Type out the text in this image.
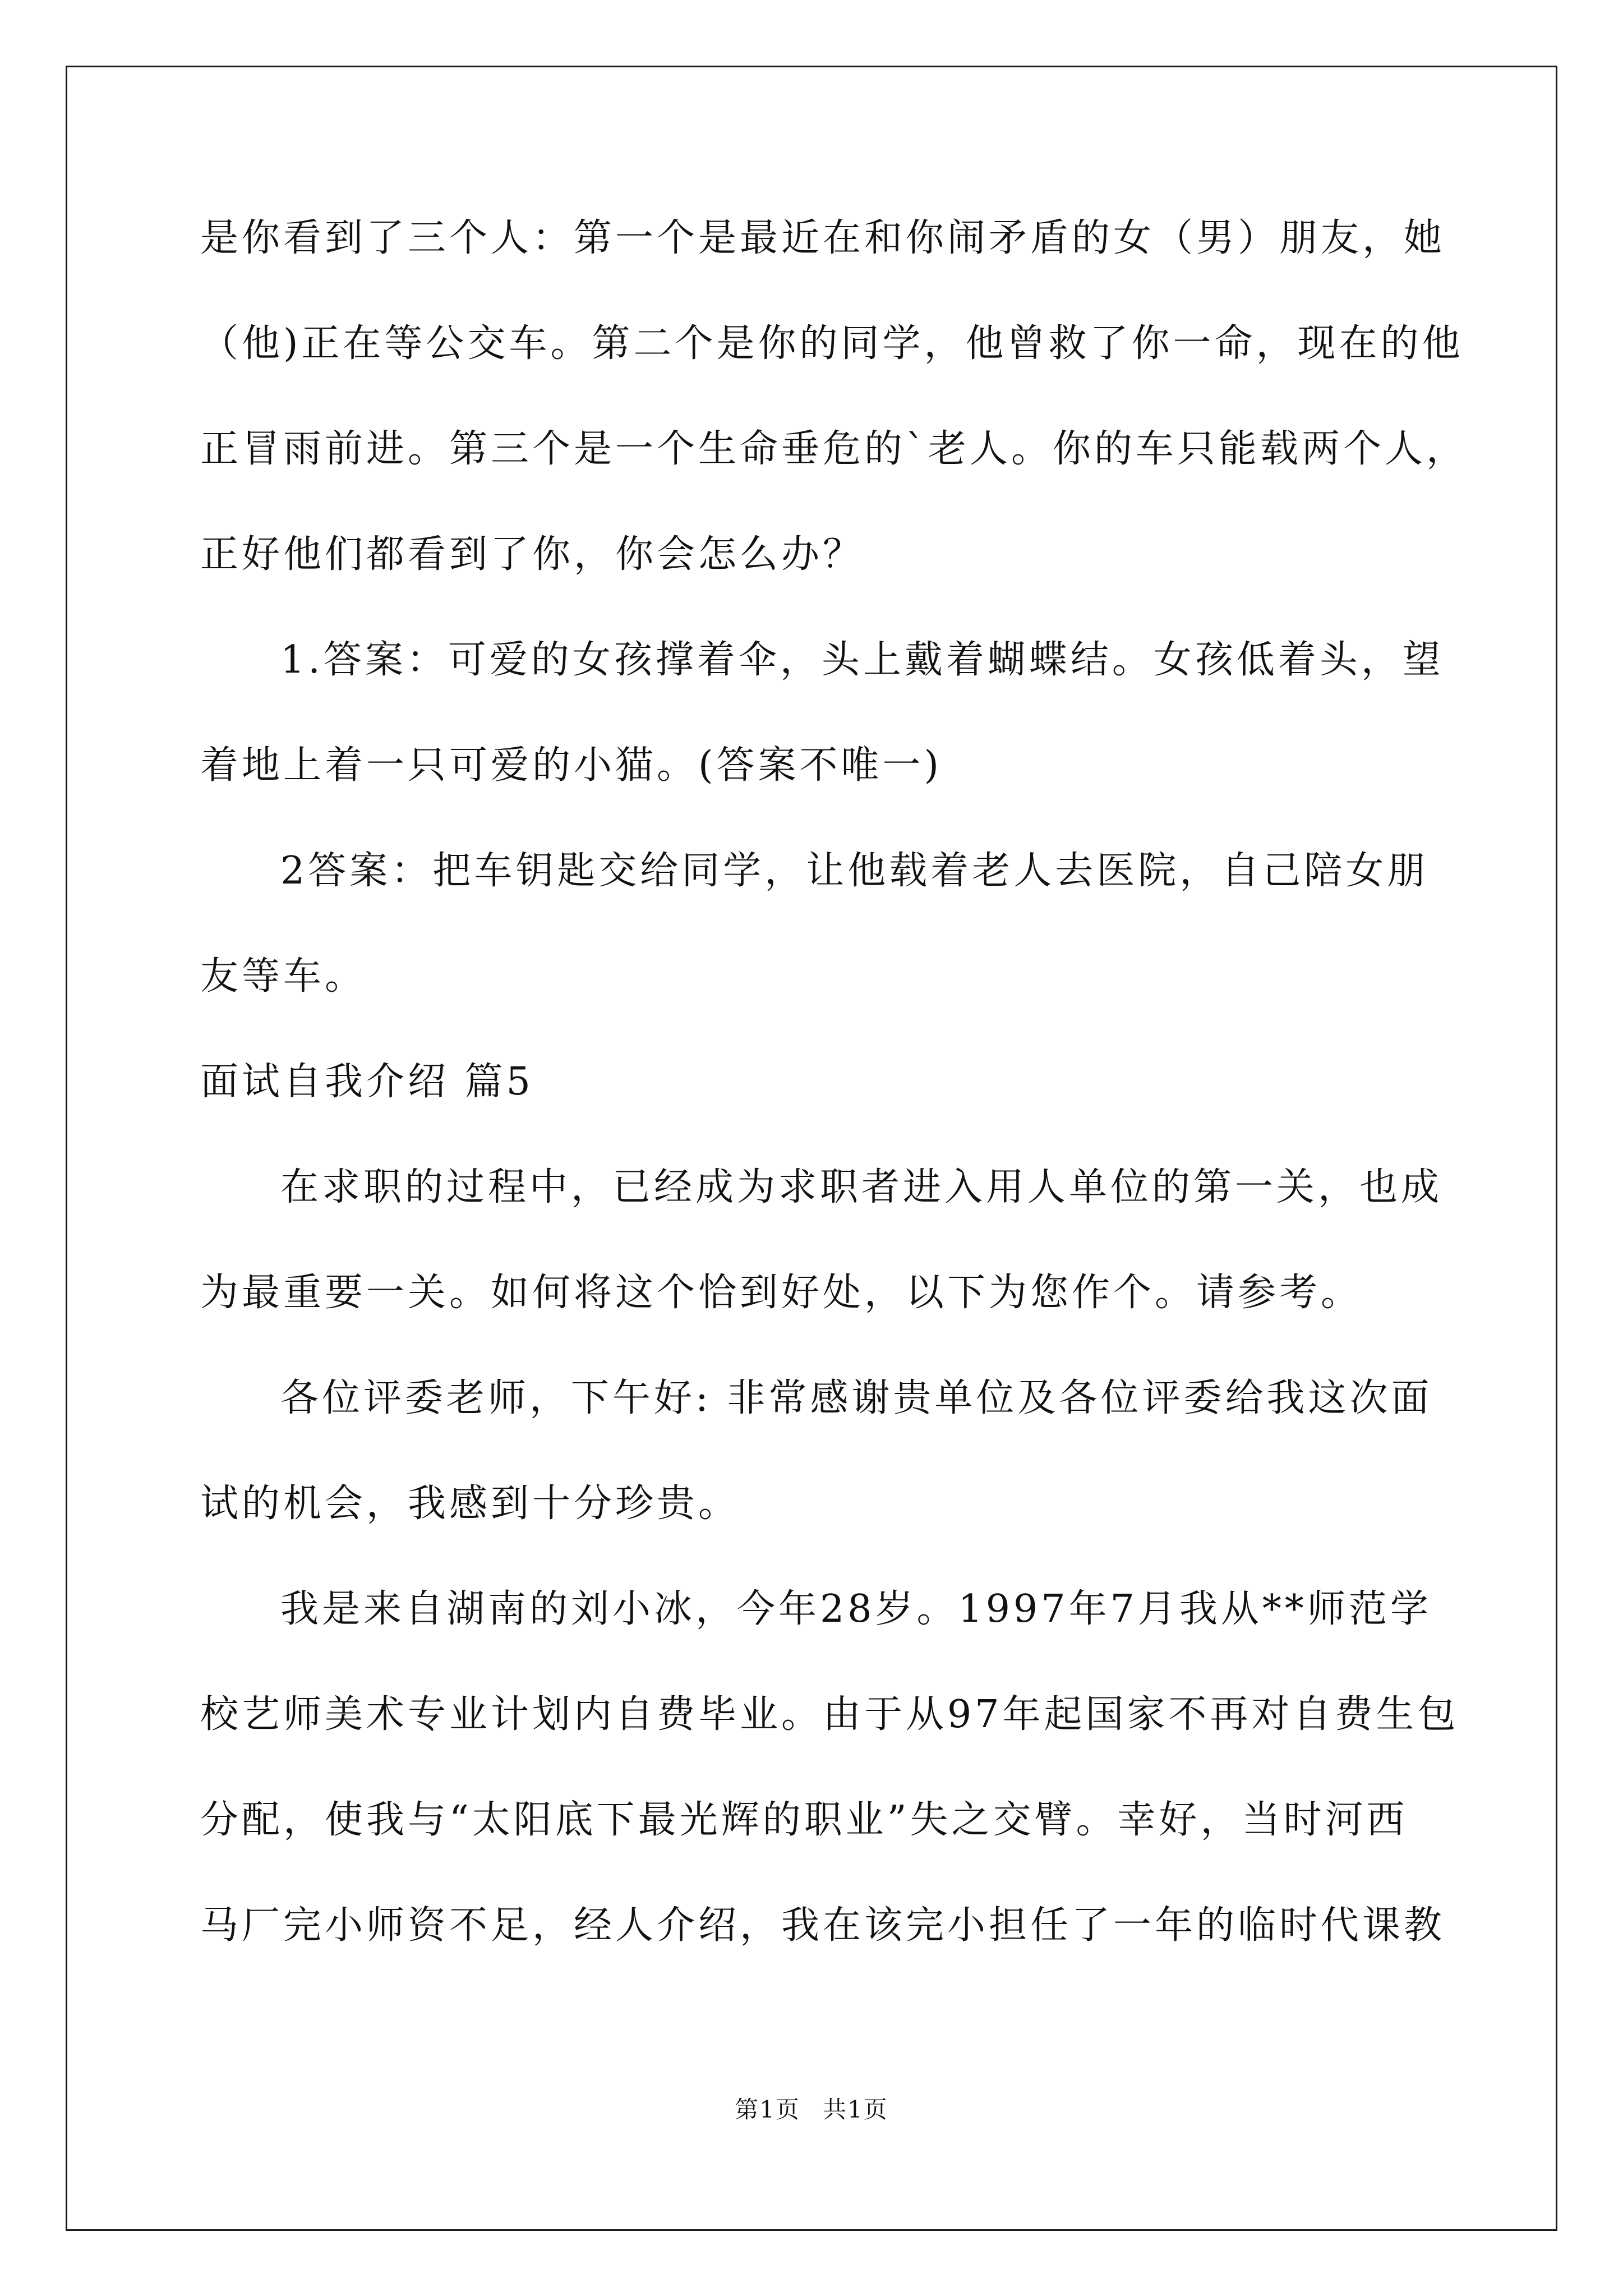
是你看到了三个人：第一个是最近在和你闹矛盾的女（男）朋友，她
（他)正在等公交车。第二个是你的同学，他曾救了你一命，现在的他
正冒雨前进。第三个是一个生命垂危的`老人。你的车只能载两个人，
正好他们都看到了你，你会怎么办？
1.答案：可爱的女孩撑着伞，头上戴着蝴蝶结。女孩低着头，望
着地上着一只可爱的小猫。(答案不唯一)
2答案：把车钥匙交给同学，让他载着老人去医院，自己陪女朋
友等车。
面试自我介绍 篇5
在求职的过程中，已经成为求职者进入用人单位的第一关，也成
为最重要一关。如何将这个恰到好处，以下为您作个。请参考。
各位评委老师，下午好: 非常感谢贵单位及各位评委给我这次面
试的机会，我感到十分珍贵。
我是来自湖南的刘小冰，今年28岁。1997年7月我从**师范学
校艺师美术专业计划内自费毕业。由于从97年起国家不再对自费生包
分配，使我与“太阳底下最光辉的职业”失之交臂。幸好，当时河西
马厂完小师资不足，经人介绍，我在该完小担任了一年的临时代课教
第1页 共1页
